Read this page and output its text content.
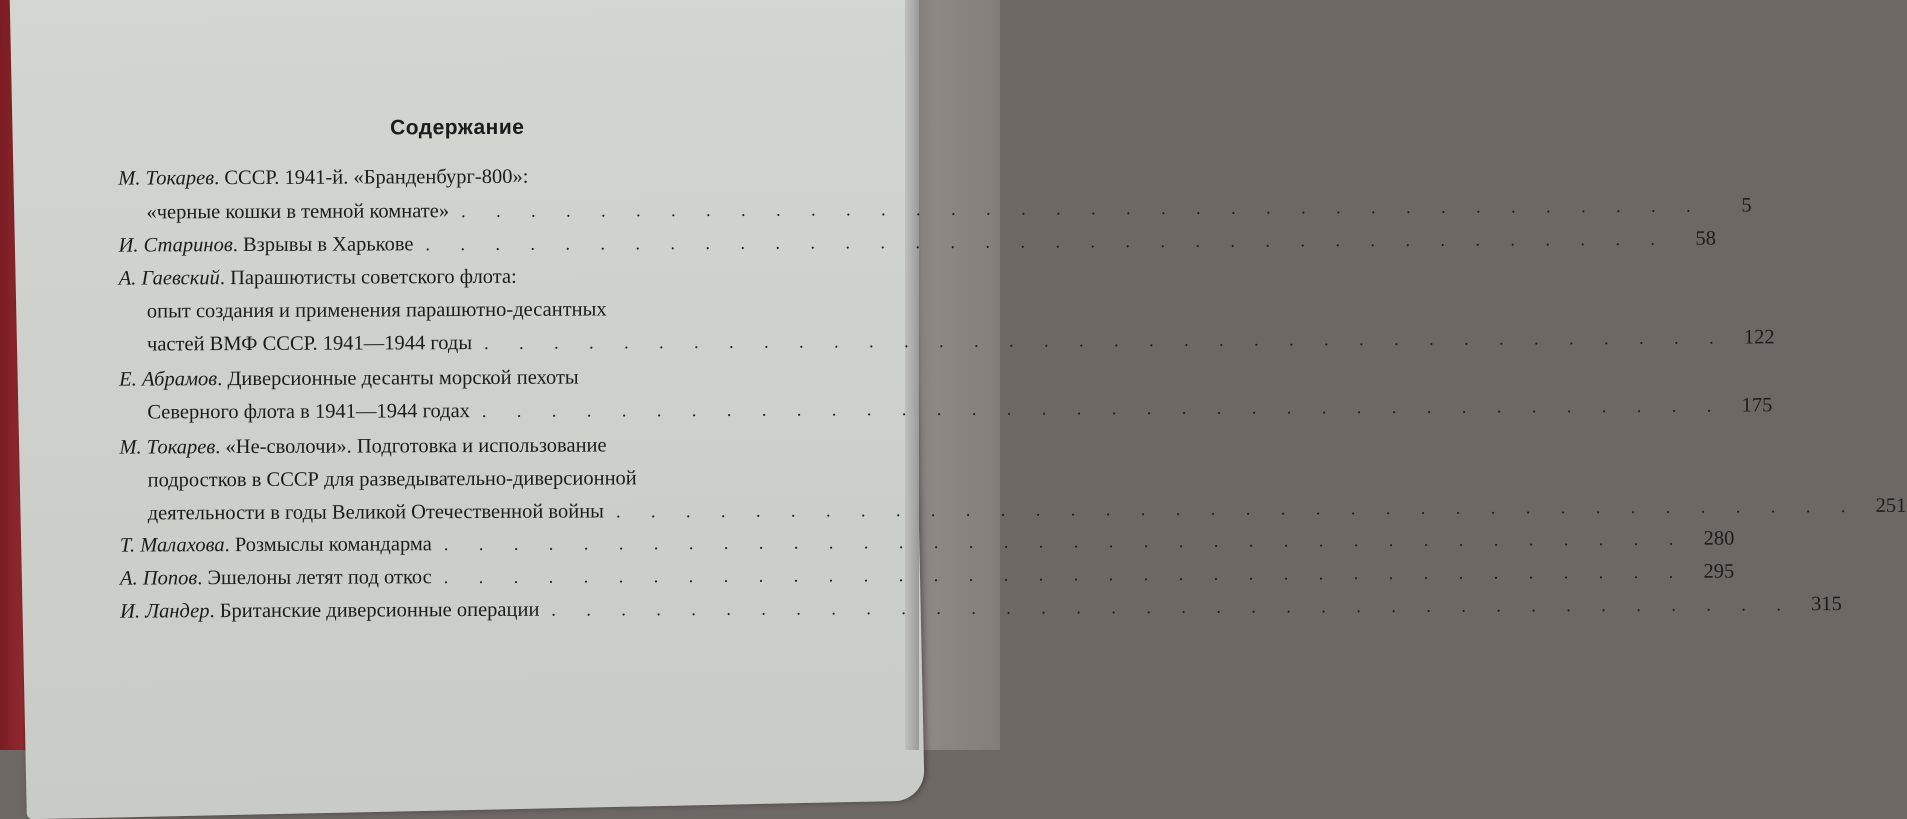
Содержание
М. Токарев. СССР. 1941-й. «Бранденбург-800»:
«черные кошки в темной комнате» . . . . . . . . . . . . . . . . . . . . . . . . . . . . . . . . . . . .	5
И. Старинов. Взрывы в Харькове . . . . . . . . . . . . . . . . . . . . . . . . . . . . . . . . . . . .	58
А. Гаевский. Парашютисты советского флота:
опыт создания и применения парашютно-десантных
частей ВМФ СССР. 1941—1944 годы . . . . . . . . . . . . . . . . . . . . . . . . . . . . . . . . . . . . 122
Е. Абрамов. Диверсионные десанты морской пехоты
Северного флота в 1941—1944 годах . . . . . . . . . . . . . . . . . . . . . . . . . . . . . . . . . . . . 175
М. Токарев. «Не-сволочи». Подготовка и использование
подростков в СССР для разведывательно-диверсионной
деятельности в годы Великой Отечественной войны . . . . . . . . . . . . . . . . . . . . . . . . . . . . . . . . . . . . 251
Т. Малахова. Розмыслы командарма . . . . . . . . . . . . . . . . . . . . . . . . . . . . . . . . . . . . 280
А. Попов. Эшелоны летят под откос . . . . . . . . . . . . . . . . . . . . . . . . . . . . . . . . . . . . 295
И. Ландер. Британские диверсионные операции . . . . . . . . . . . . . . . . . . . . . . . . . . . . . . . . . . . . 315
